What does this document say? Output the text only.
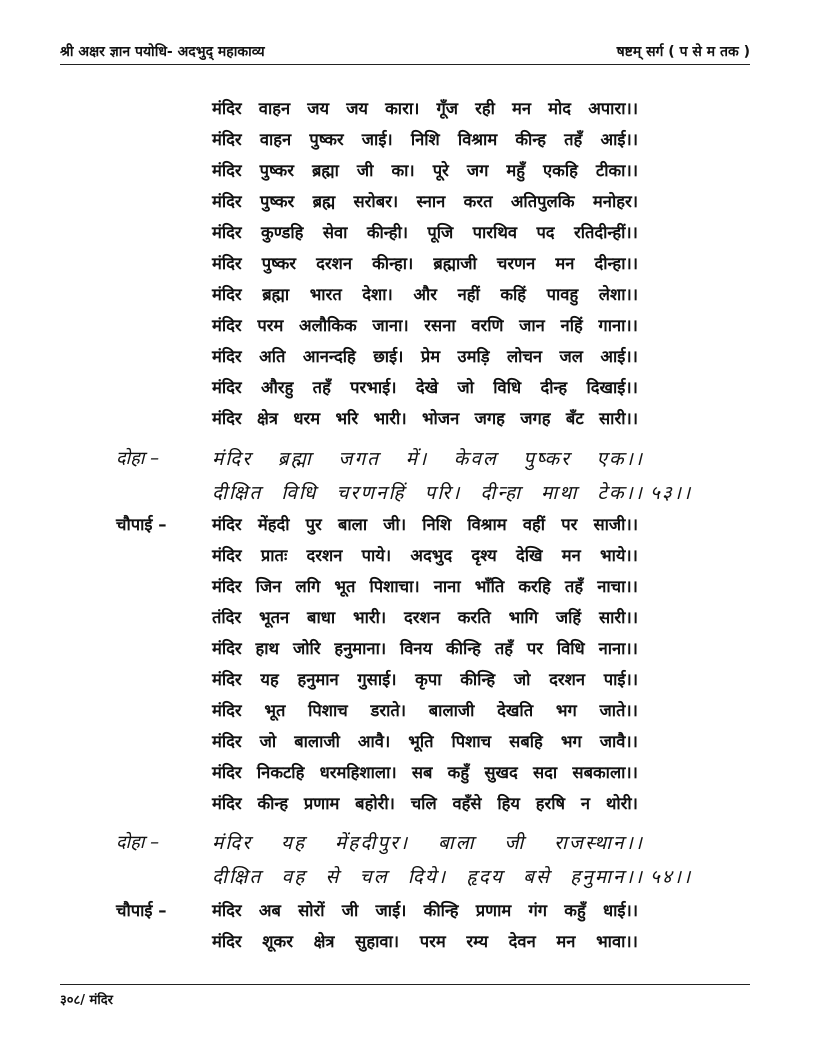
श्री अक्षर ज्ञान पयोधि- अदभुद् महाकाव्य	षष्टम् सर्ग ( प से म तक )
मंदिर वाहन जय जय कारा। गूँज रही मन मोद अपारा।।
मंदिर वाहन पुष्कर जाई। निशि विश्राम कीन्ह तहँ आई।।
मंदिर पुष्कर ब्रह्मा जी का। पूरे जग महुँ एकहि टीका।।
मंदिर पुष्कर ब्रह्म सरोबर। स्नान करत अतिपुलकि मनोहर।
मंदिर कुण्डहि सेवा कीन्ही। पूजि पारथिव पद रतिदीन्हीं।।
मंदिर पुष्कर दरशन कीन्हा। ब्रह्माजी चरणन मन दीन्हा।।
मंदिर ब्रह्मा भारत देशा। और नहीं कहिं पावहु लेशा।।
मंदिर परम अलौकिक जाना। रसना वरणि जान नहिं गाना।।
मंदिर अति आनन्दहि छाई। प्रेम उमड़ि लोचन जल आई।।
मंदिर औरहु तहँ परभाई। देखे जो विधि दीन्ह दिखाई।।
मंदिर क्षेत्र धरम भरि भारी। भोजन जगह जगह बँट सारी।।
दोहा –	मंदिर ब्रह्मा जगत में। केवल पुष्कर एक।।
दीक्षित विधि चरणनहिं परि। दीन्हा माथा टेक।। ५३।।
चौपाई –	मंदिर मेंहदी पुर बाला जी। निशि विश्राम वहीं पर साजी।।
मंदिर प्रातः दरशन पाये। अदभुद दृश्य देखि मन भाये।।
मंदिर जिन लगि भूत पिशाचा। नाना भाँति करहि तहँ नाचा।।
तंदिर भूतन बाधा भारी। दरशन करति भागि जहिं सारी।।
मंदिर हाथ जोरि हनुमाना। विनय कीन्हि तहँ पर विधि नाना।।
मंदिर यह हनुमान गुसाई। कृपा कीन्हि जो दरशन पाई।।
मंदिर भूत पिशाच डराते। बालाजी देखति भग जाते।।
मंदिर जो बालाजी आवै। भूति पिशाच सबहि भग जावै।।
मंदिर निकटहि धरमहिशाला। सब कहुँ सुखद सदा सबकाला।।
मंदिर कीन्ह प्रणाम बहोरी। चलि वहँसे हिय हरषि न थोरी।
दोहा –	मंदिर यह मेंहदीपुर। बाला जी राजस्थान।।
दीक्षित वह से चल दिये। हृदय बसे हनुमान।। ५४।।
चौपाई –	मंदिर अब सोरों जी जाई। कीन्हि प्रणाम गंग कहुँ धाई।।
मंदिर शूकर क्षेत्र सुहावा। परम रम्य देवन मन भावा।।
३०८/ मंदिर
